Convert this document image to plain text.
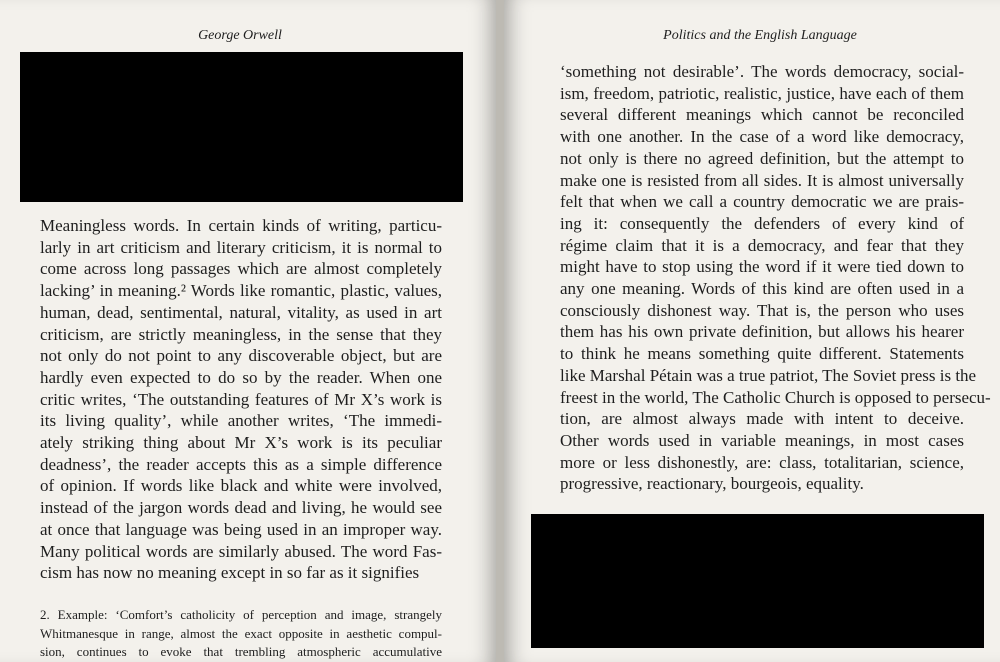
George Orwell
Meaningless words. In certain kinds of writing, particu-
larly in art criticism and literary criticism, it is normal to
come across long passages which are almost completely
lacking’ in meaning.² Words like romantic, plastic, values,
human, dead, sentimental, natural, vitality, as used in art
criticism, are strictly meaningless, in the sense that they
not only do not point to any discoverable object, but are
hardly even expected to do so by the reader. When one
critic writes, ‘The outstanding features of Mr X’s work is
its living quality’, while another writes, ‘The immedi-
ately striking thing about Mr X’s work is its peculiar
deadness’, the reader accepts this as a simple difference
of opinion. If words like black and white were involved,
instead of the jargon words dead and living, he would see
at once that language was being used in an improper way.
Many political words are similarly abused. The word Fas-
cism has now no meaning except in so far as it signifies
2. Example: ‘Comfort’s catholicity of perception and image, strangely
Whitmanesque in range, almost the exact opposite in aesthetic compul-
sion, continues to evoke that trembling atmospheric accumulative
Politics and the English Language
‘something not desirable’. The words democracy, social-
ism, freedom, patriotic, realistic, justice, have each of them
several different meanings which cannot be reconciled
with one another. In the case of a word like democracy,
not only is there no agreed definition, but the attempt to
make one is resisted from all sides. It is almost universally
felt that when we call a country democratic we are prais-
ing it: consequently the defenders of every kind of
régime claim that it is a democracy, and fear that they
might have to stop using the word if it were tied down to
any one meaning. Words of this kind are often used in a
consciously dishonest way. That is, the person who uses
them has his own private definition, but allows his hearer
to think he means something quite different. Statements
like Marshal Pétain was a true patriot, The Soviet press is the
freest in the world, The Catholic Church is opposed to persecu-
tion, are almost always made with intent to deceive.
Other words used in variable meanings, in most cases
more or less dishonestly, are: class, totalitarian, science,
progressive, reactionary, bourgeois, equality.
